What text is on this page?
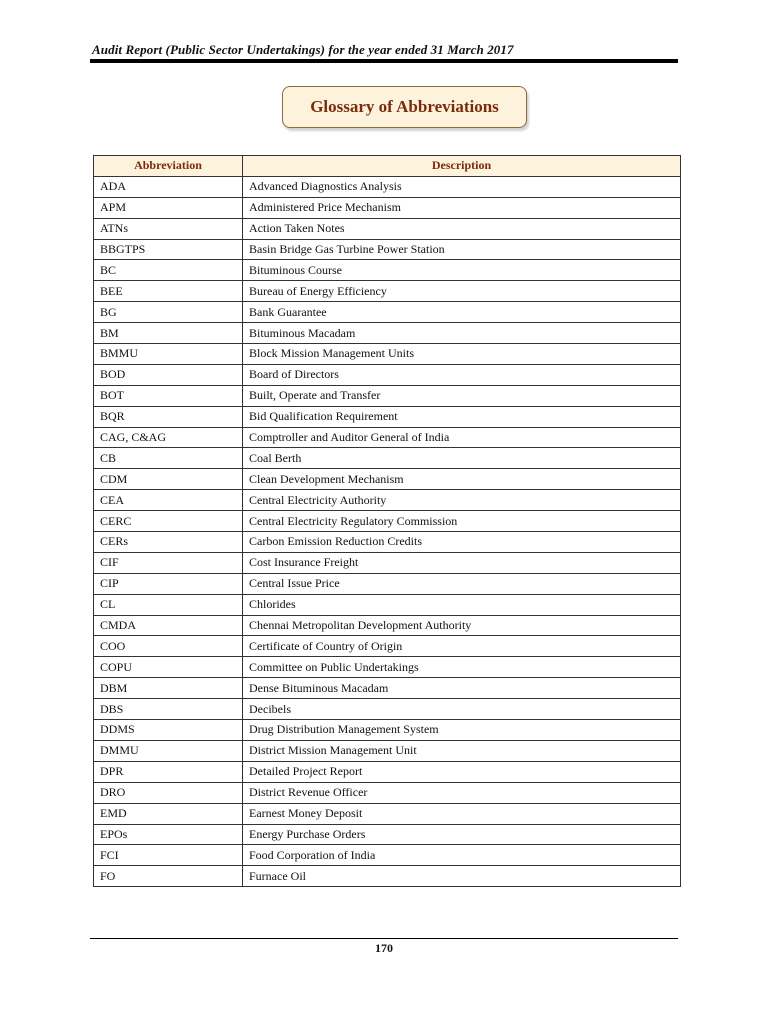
Audit Report (Public Sector Undertakings) for the year ended 31 March 2017
Glossary of Abbreviations
Abbreviation	Description
ADA	Advanced Diagnostics Analysis
APM	Administered Price Mechanism
ATNs	Action Taken Notes
BBGTPS	Basin Bridge Gas Turbine Power Station
BC	Bituminous Course
BEE	Bureau of Energy Efficiency
BG	Bank Guarantee
BM	Bituminous Macadam
BMMU	Block Mission Management Units
BOD	Board of Directors
BOT	Built, Operate and Transfer
BQR	Bid Qualification Requirement
CAG, C&AG	Comptroller and Auditor General of India
CB	Coal Berth
CDM	Clean Development Mechanism
CEA	Central Electricity Authority
CERC	Central Electricity Regulatory Commission
CERs	Carbon Emission Reduction Credits
CIF	Cost Insurance Freight
CIP	Central Issue Price
CL	Chlorides
CMDA	Chennai Metropolitan Development Authority
COO	Certificate of Country of Origin
COPU	Committee on Public Undertakings
DBM	Dense Bituminous Macadam
DBS	Decibels
DDMS	Drug Distribution Management System
DMMU	District Mission Management Unit
DPR	Detailed Project Report
DRO	District Revenue Officer
EMD	Earnest Money Deposit
EPOs	Energy Purchase Orders
FCI	Food Corporation of India
FO	Furnace Oil
170
